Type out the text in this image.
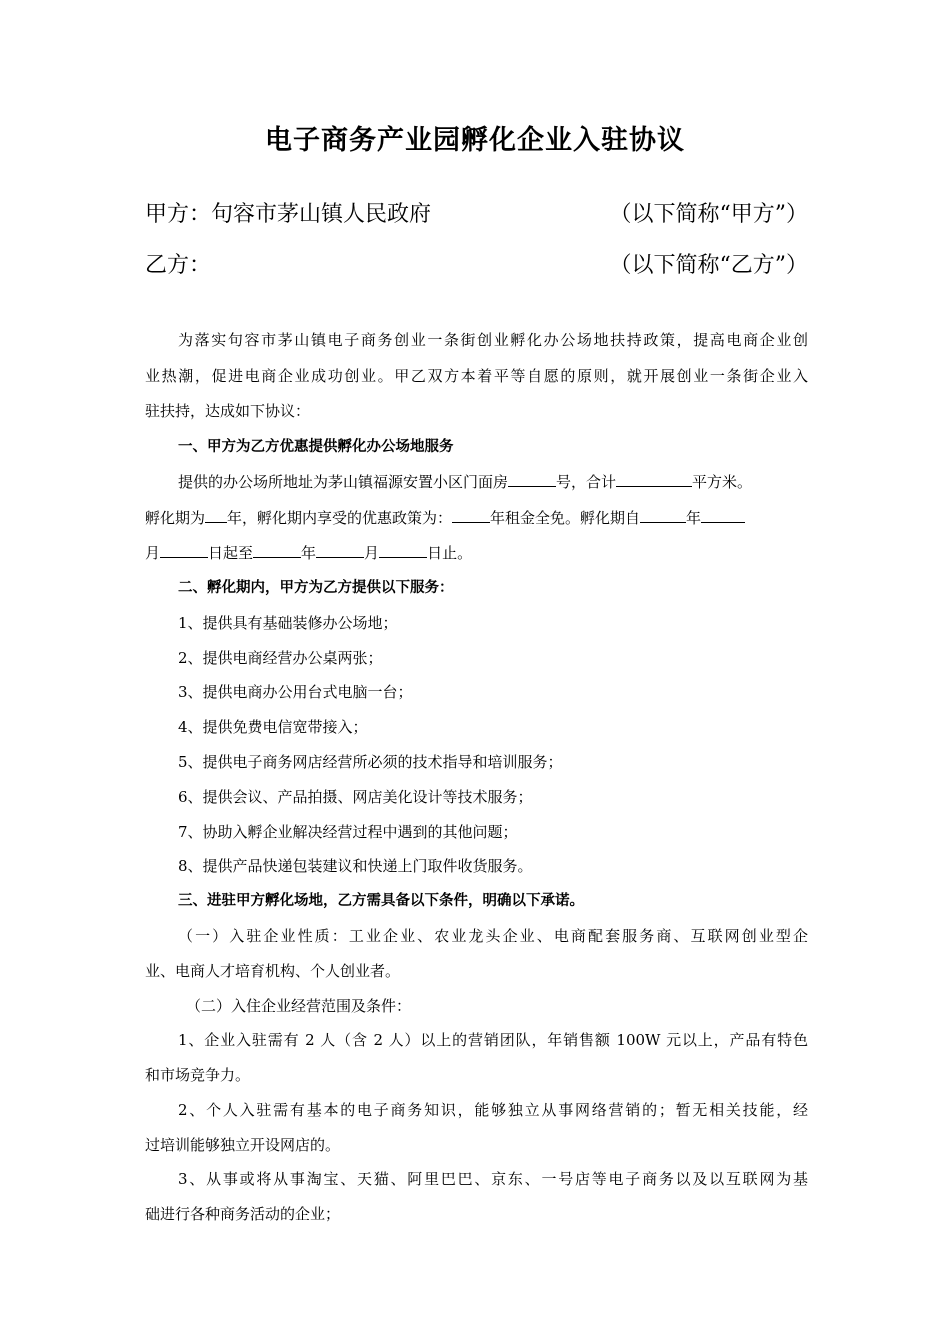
电子商务产业园孵化企业入驻协议
甲方：句容市茅山镇人民政府	（以下简称“甲方”）
乙方：	（以下简称“乙方”）
为落实句容市茅山镇电子商务创业一条街创业孵化办公场地扶持政策，提高电商企业创
业热潮，促进电商企业成功创业。甲乙双方本着平等自愿的原则，就开展创业一条街企业入
驻扶持，达成如下协议：
一、甲方为乙方优惠提供孵化办公场地服务
提供的办公场所地址为茅山镇福源安置小区门面房	号，合计	平方米。
孵化期为 年，孵化期内享受的优惠政策为：	年租金全免。孵化期自	年
月	日起至	年	月	日止。
二、孵化期内，甲方为乙方提供以下服务：
1、提供具有基础装修办公场地；
2、提供电商经营办公桌两张；
3、提供电商办公用台式电脑一台；
4、提供免费电信宽带接入；
5、提供电子商务网店经营所必须的技术指导和培训服务；
6、提供会议、产品拍摄、网店美化设计等技术服务；
7、协助入孵企业解决经营过程中遇到的其他问题；
8、提供产品快递包装建议和快递上门取件收货服务。
三、进驻甲方孵化场地，乙方需具备以下条件，明确以下承诺。
（一）入驻企业性质：工业企业、农业龙头企业、电商配套服务商、互联网创业型企
业、电商人才培育机构、个人创业者。
（二）入住企业经营范围及条件：
1、企业入驻需有 2 人（含 2 人）以上的营销团队，年销售额 100W 元以上，产品有特色
和市场竞争力。
2、个人入驻需有基本的电子商务知识，能够独立从事网络营销的；暂无相关技能，经
过培训能够独立开设网店的。
3、从事或将从事淘宝、天猫、阿里巴巴、京东、一号店等电子商务以及以互联网为基
础进行各种商务活动的企业；
